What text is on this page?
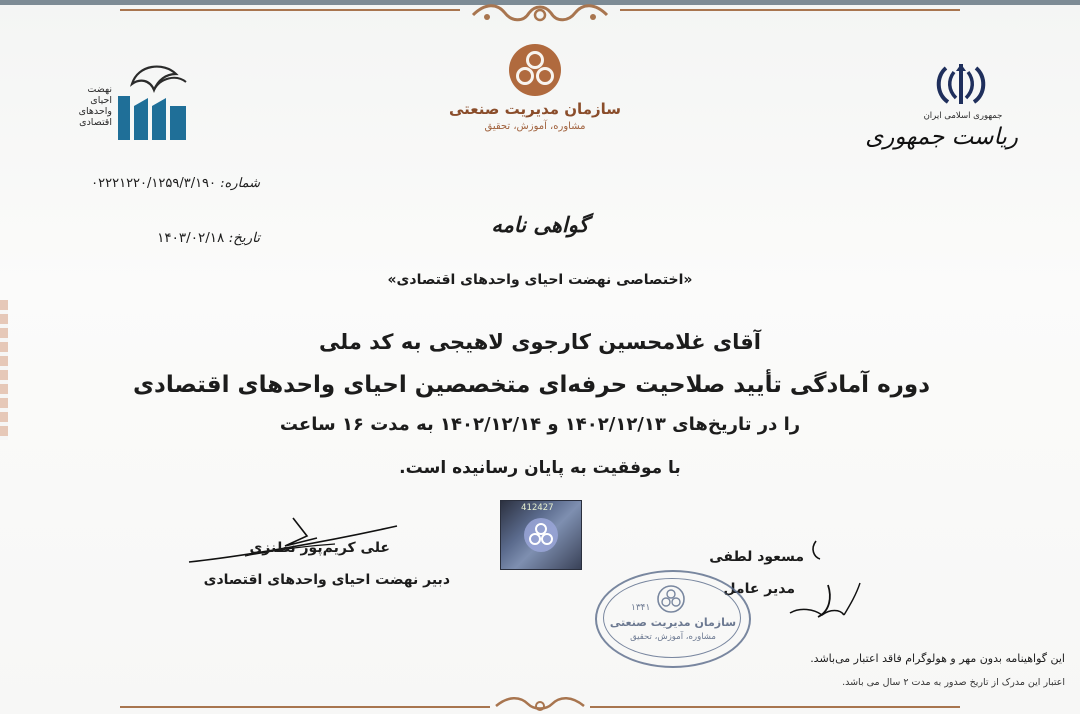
نهضت
احیای
واحدهای
اقتصادی
سازمان مدیریت صنعتی
مشاوره، آموزش، تحقیق
جمهوری اسلامی ایران
ریاست جمهوری
شماره: ۰۲۲۲۱۲۲۰/۱۲۵۹/۳/۱۹۰
تاریخ: ۱۴۰۳/۰۲/۱۸
گواهی نامه
«اختصاصی نهضت احیای واحدهای اقتصادی»
آقای غلامحسین کارجوی لاهیجی به کد ملی
دوره آمادگی تأیید صلاحیت حرفه‌ای متخصصین احیای واحدهای اقتصادی
را در تاریخ‌های ۱۴۰۲/۱۲/۱۳ و ۱۴۰۲/۱۲/۱۴ به مدت ۱۶ ساعت
با موفقیت به پایان رسانیده است.
412427
علی کریم‌پور نطنزی
دبیر نهضت احیای واحدهای اقتصادی
مسعود لطفی
مدیر عامل
۱۳۴۱
سازمان مدیریت صنعتی
مشاوره، آموزش، تحقیق
این گواهینامه بدون مهر و هولوگرام فاقد اعتبار می‌باشد.
اعتبار این مدرک از تاریخ صدور به مدت ۲ سال می باشد.
